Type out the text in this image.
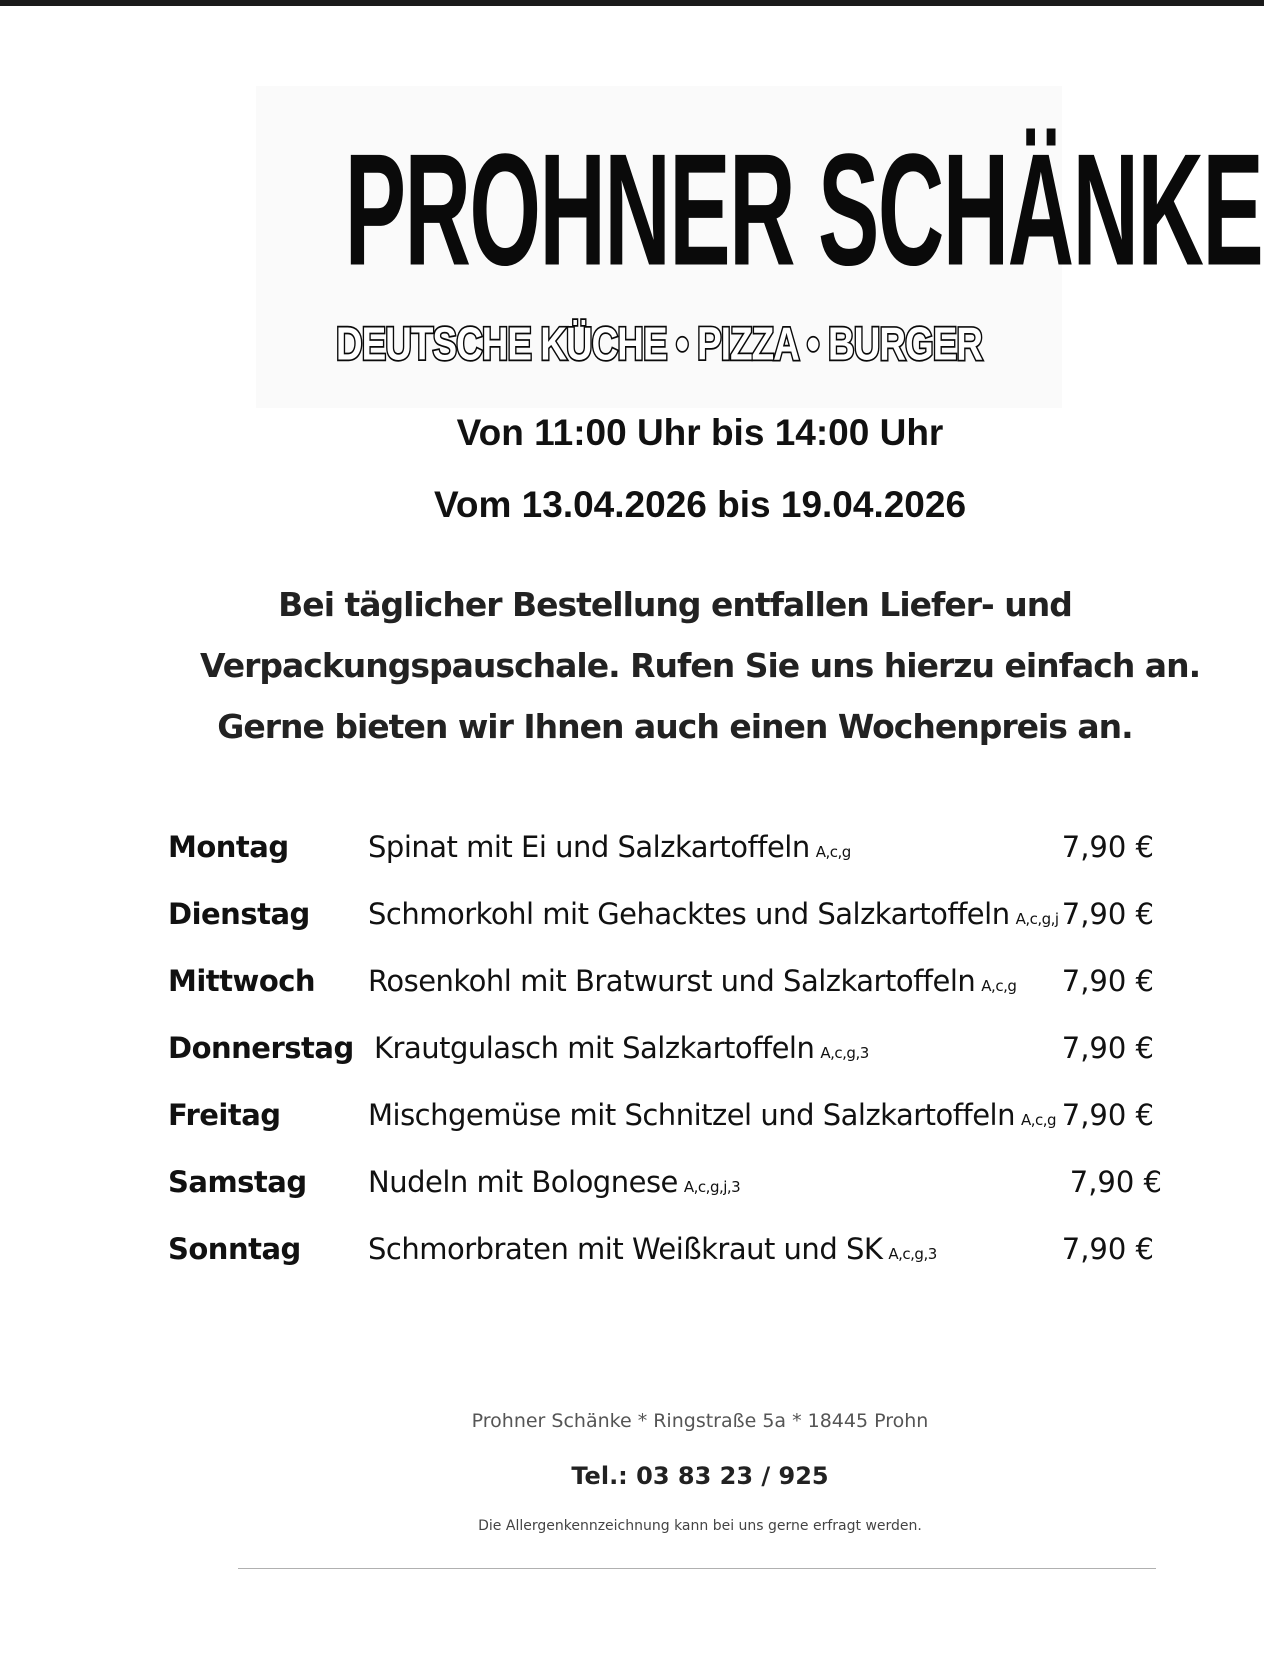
PROHNER SCHÄNKE
DEUTSCHE KÜCHE • PIZZA • BURGER
Von 11:00 Uhr bis 14:00 Uhr
Vom 13.04.2026 bis 19.04.2026
Bei täglicher Bestellung entfallen Liefer- und
Verpackungspauschale. Rufen Sie uns hierzu einfach an.
Gerne bieten wir Ihnen auch einen Wochenpreis an.
Montag	Spinat mit Ei und Salzkartoffeln A,c,g	7,90 €
Dienstag Schmorkohl mit Gehacktes und Salzkartoffeln A,c,g,j 7,90 €
Mittwoch Rosenkohl mit Bratwurst und Salzkartoffeln A,c,g 7,90 €
Donnerstag Krautgulasch mit Salzkartoffeln A,c,g,3	7,90 €
Freitag	Mischgemüse mit Schnitzel und Salzkartoffeln A,c,g 7,90 €
Samstag Nudeln mit Bolognese A,c,g,j,3	7,90 €
Sonntag Schmorbraten mit Weißkraut und SK A,c,g,3	7,90 €
Prohner Schänke * Ringstraße 5a * 18445 Prohn
Tel.: 03 83 23 / 925
Die Allergenkennzeichnung kann bei uns gerne erfragt werden.
